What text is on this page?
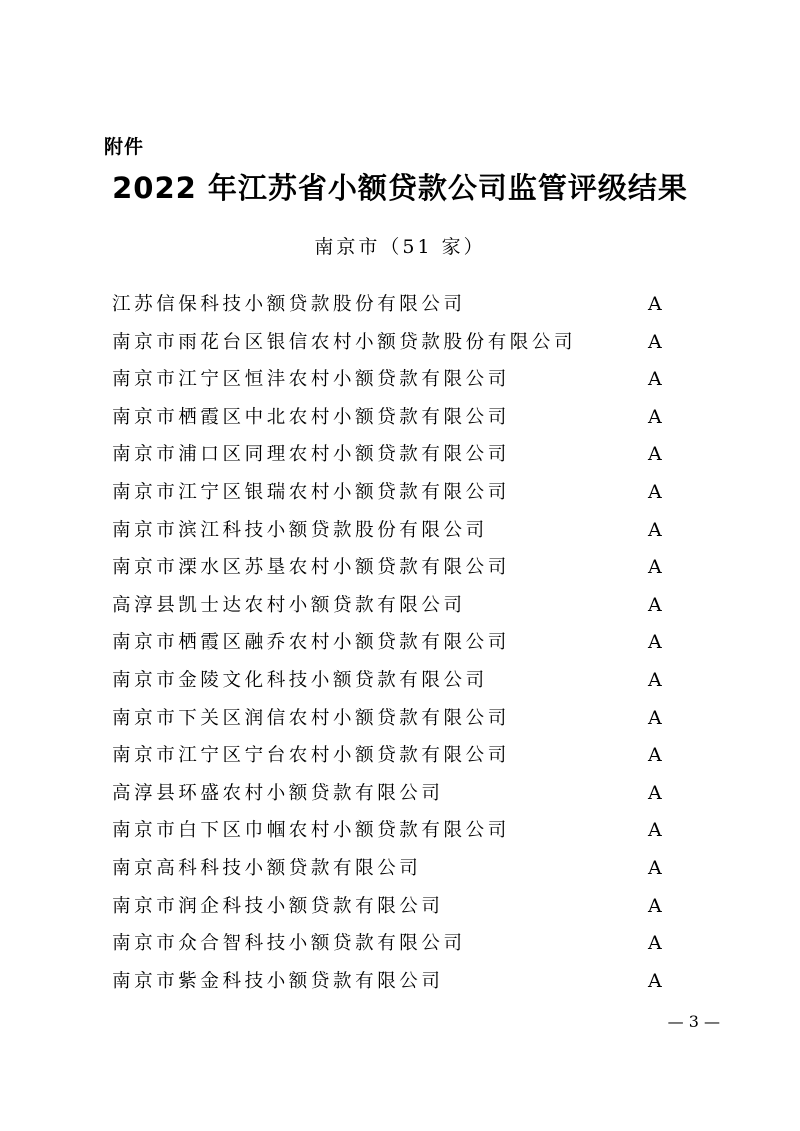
附件
2022 年江苏省小额贷款公司监管评级结果
南京市（51 家）
江苏信保科技小额贷款股份有限公司	A
南京市雨花台区银信农村小额贷款股份有限公司	A
南京市江宁区恒沣农村小额贷款有限公司	A
南京市栖霞区中北农村小额贷款有限公司	A
南京市浦口区同理农村小额贷款有限公司	A
南京市江宁区银瑞农村小额贷款有限公司	A
南京市滨江科技小额贷款股份有限公司	A
南京市溧水区苏垦农村小额贷款有限公司	A
高淳县凯士达农村小额贷款有限公司	A
南京市栖霞区融乔农村小额贷款有限公司	A
南京市金陵文化科技小额贷款有限公司	A
南京市下关区润信农村小额贷款有限公司	A
南京市江宁区宁台农村小额贷款有限公司	A
高淳县环盛农村小额贷款有限公司	A
南京市白下区巾帼农村小额贷款有限公司	A
南京高科科技小额贷款有限公司	A
南京市润企科技小额贷款有限公司	A
南京市众合智科技小额贷款有限公司	A
南京市紫金科技小额贷款有限公司	A
— 3 —
